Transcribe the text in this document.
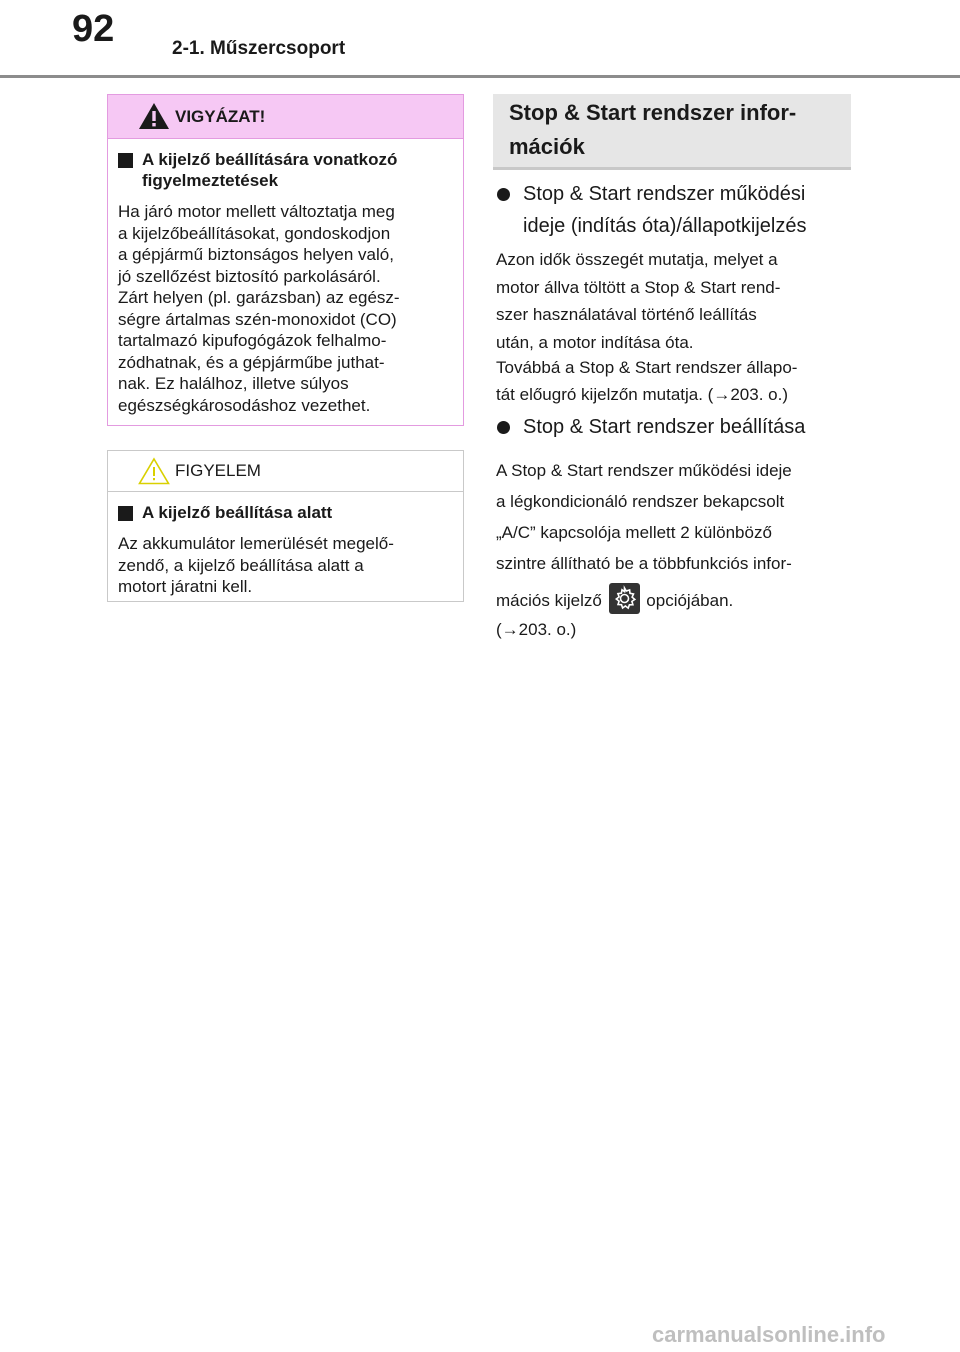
92	2-1. Műszercsoport
VIGYÁZAT!
A kijelző beállítására vonatkozó figyelmeztetések
Ha járó motor mellett változtatja meg
a kijelzőbeállításokat, gondoskodjon
a gépjármű biztonságos helyen való,
jó szellőzést biztosító parkolásáról.
Zárt helyen (pl. garázsban) az egész-
ségre ártalmas szén-monoxidot (CO)
tartalmazó kipufogógázok felhalmo-
zódhatnak, és a gépjárműbe juthat-
nak. Ez halálhoz, illetve súlyos
egészségkárosodáshoz vezethet.
FIGYELEM
A kijelző beállítása alatt
Az akkumulátor lemerülését megelő-
zendő, a kijelző beállítása alatt a
motort járatni kell.
Stop & Start rendszer infor-
mációk
Stop & Start rendszer működési
ideje (indítás óta)/állapotkijelzés
Azon idők összegét mutatja, melyet a
motor állva töltött a Stop & Start rend-
szer használatával történő leállítás
után, a motor indítása óta.
Továbbá a Stop & Start rendszer állapo-
tát előugró kijelzőn mutatja. (→203. o.)
Stop & Start rendszer beállítása
A Stop & Start rendszer működési ideje
a légkondicionáló rendszer bekapcsolt
„A/C” kapcsolója mellett 2 különböző
szintre állítható be a többfunkciós infor-
mációs kijelző	opciójában.
(→203. o.)
carmanualsonline.info
